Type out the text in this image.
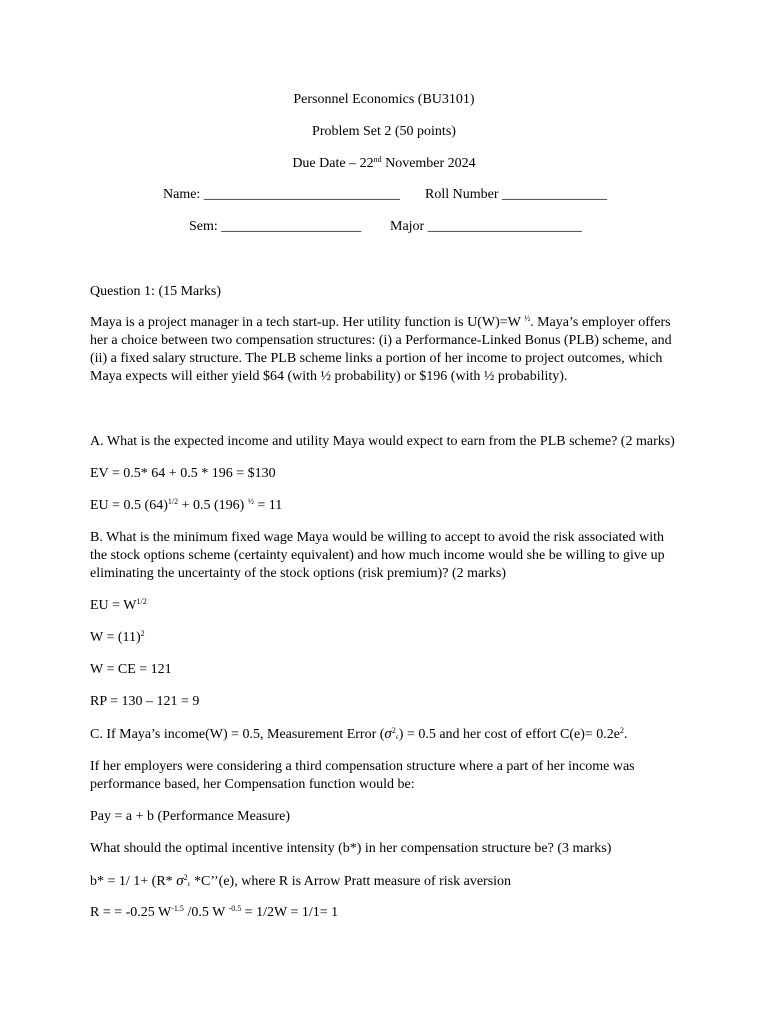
Personnel Economics (BU3101)
Problem Set 2 (50 points)
Due Date – 22nd November 2024
Name: ____________________________ Roll Number _______________
Sem: ____________________ Major ______________________
Question 1: (15 Marks)
Maya is a project manager in a tech start-up. Her utility function is U(W)=W $^{\frac{1}{2}}$. Maya’s employer offers her a choice between two compensation structures: (i) a Performance-Linked Bonus (PLB) scheme, and (ii) a fixed salary structure. The PLB scheme links a portion of her income to project outcomes, which Maya expects will either yield $64 (with ½ probability) or $196 (with ½ probability).
A. What is the expected income and utility Maya would expect to earn from the PLB scheme? (2 marks)
EV = 0.5* 64 + 0.5 * 196 = $130
EU = 0.5 $(64)^{1/2} + 0.5$ (196) $^{\frac{1}{2}}$ = 11
B. What is the minimum fixed wage Maya would be willing to accept to avoid the risk associated with the stock options scheme (certainty equivalent) and how much income would she be willing to give up eliminating the uncertainty of the stock options (risk premium)? (2 marks)
EU = $W^{1/2}$
$W = (11)^2$
W = CE = 121
RP = 130 – 121 = 9
C. If Maya’s income(W) = 0.5, Measurement Error $(\sigma^2_\varepsilon) = 0.5$ and her cost of effort $C(e)= 0.2e^2$.
If her employers were considering a third compensation structure where a part of her income was performance based, her Compensation function would be:
Pay = a + b (Performance Measure)
What should the optimal incentive intensity (b*) in her compensation structure be? (3 marks)
b* = 1/ 1+ (R* $\sigma^2_\varepsilon$ *C’’(e), where R is Arrow Pratt measure of risk aversion
R = = -0.25 $W^{-1.5}$ /0.5 W $^{-0.5}$ = 1/2W = 1/1= 1
